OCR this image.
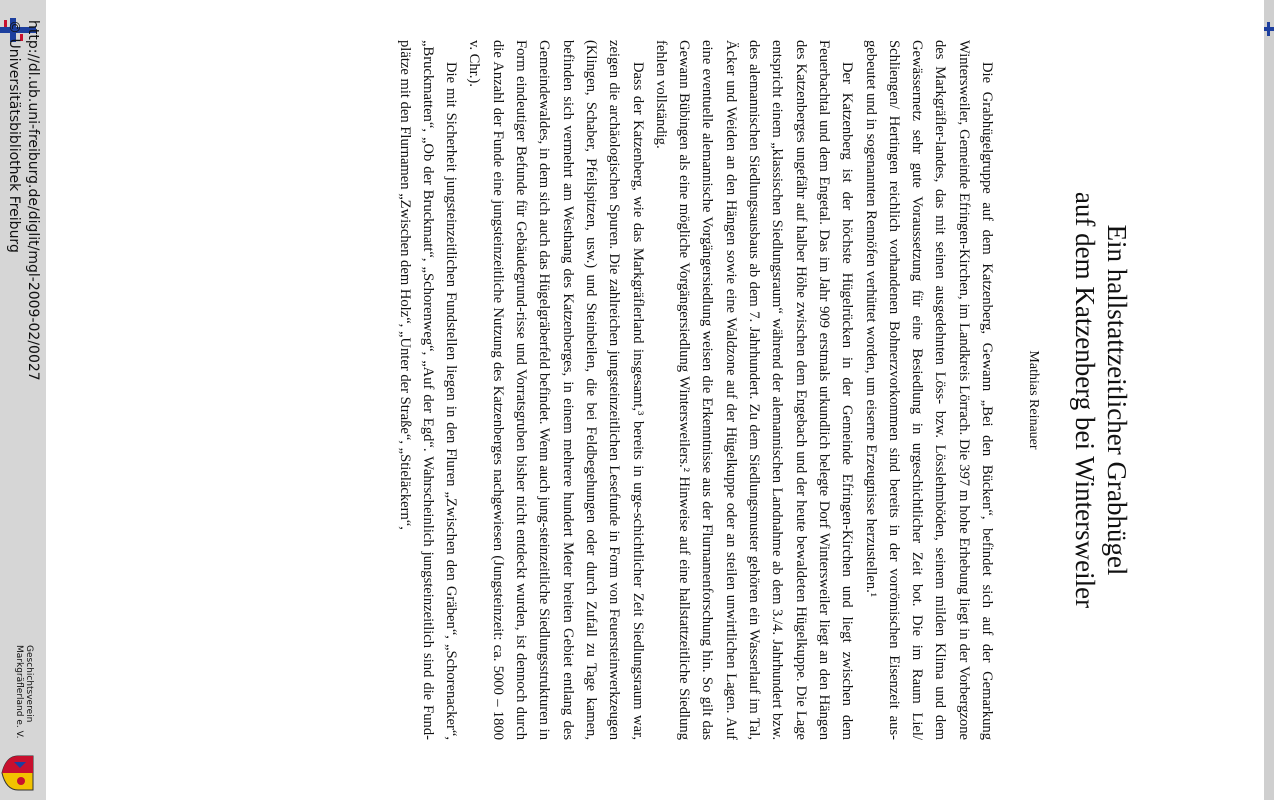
Ein hallstattzeitlicher Grabhügel
auf dem Katzenberg bei Wintersweiler
Mathias Reinauer

Die Grabhügelgruppe auf dem Katzenberg, Gewann „Bei den Bücken“, befindet sich auf der Gemarkung Wintersweiler, Gemeinde Efringen-Kirchen, im Landkreis Lörrach. Die 397 m hohe Erhebung liegt in der Vorbergzone des Markgräfler-landes, das mit seinen ausgedehnten Löss- bzw. Lösslehmböden, seinem milden Klima und dem Gewässernetz sehr gute Voraussetzung für eine Besiedlung in urgeschichtlicher Zeit bot. Die im Raum Liel/ Schliengen/ Hertingen reichlich vorhandenen Bohnerzvorkommen sind bereits in der vorrömischen Eisenzeit aus-gebeutet und in sogenannten Rennöfen verhüttet worden, um eiserne Erzeugnisse herzustellen.¹

Der Katzenberg ist der höchste Hügelrücken in der Gemeinde Efringen-Kirchen und liegt zwischen dem Feuerbachtal und dem Engetal. Das im Jahr 909 erstmals urkundlich belegte Dorf Wintersweiler liegt an den Hängen des Katzenberges ungefähr auf halber Höhe zwischen dem Engebach und der heute bewaldeten Hügelkuppe. Die Lage entspricht einem „klassischen Siedlungsraum“ während der alemannischen Landnahme ab dem 3./4. Jahrhundert bzw. des alemannischen Siedlungsausbaus ab dem 7. Jahrhundert. Zu dem Siedlungsmuster gehören ein Wasserlauf im Tal, Äcker und Weiden an den Hängen sowie eine Waldzone auf der Hügelkuppe oder an steilen unwirtlichen Lagen. Auf eine eventuelle alemannische Vorgängersiedlung weisen die Erkenntnisse aus der Flurnamenforschung hin. So gilt das Gewann Bübingen als eine mögliche Vorgängersiedlung Wintersweilers.² Hinweise auf eine hallstattzeitliche Siedlung fehlen vollständig.

Dass der Katzenberg, wie das Markgräflerland insgesamt,³ bereits in urge-schichtlicher Zeit Siedlungsraum war, zeigen die archäologischen Spuren. Die zahlreichen jungsteinzeitlichen Lesefunde in Form von Feuersteinwerkzeugen (Klingen, Schaber, Pfeilspitzen, usw.) und Steinbeilen, die bei Feldbegehungen oder durch Zufall zu Tage kamen, befinden sich vermehrt am Westhang des Katzenberges, in einem mehrere hundert Meter breiten Gebiet entlang des Gemeindewaldes, in dem sich auch das Hügelgräberfeld befindet. Wenn auch jung-steinzeitliche Siedlungsstrukturen in Form eindeutiger Befunde für Gebäudegrund-risse und Vorratsgruben bisher nicht entdeckt wurden, ist dennoch durch die Anzahl der Funde eine jungsteinzeitliche Nutzung des Katzenberges nachgewiesen (Jungsteinzeit: ca. 5000 – 1800 v. Chr.).

Die mit Sicherheit jungsteinzeitlichen Fundstellen liegen in den Fluren „Zwischen den Gräben“, „Schorenacker“, „Bruckmatten“, „Ob der Bruckmatt“, „Schorenweg“, „Auf der Egd“. Wahrscheinlich jungsteinzeitlich sind die Fund-plätze mit den Flurnamen „Zwischen dem Holz“, „Unter der Straße“, „Stieläckern“,

http://dl.ub.uni-freiburg.de/diglit/mgl-2009-02/0027
© Universitätsbibliothek Freiburg
Geschichtsverein
Markgräflerland e. V.
